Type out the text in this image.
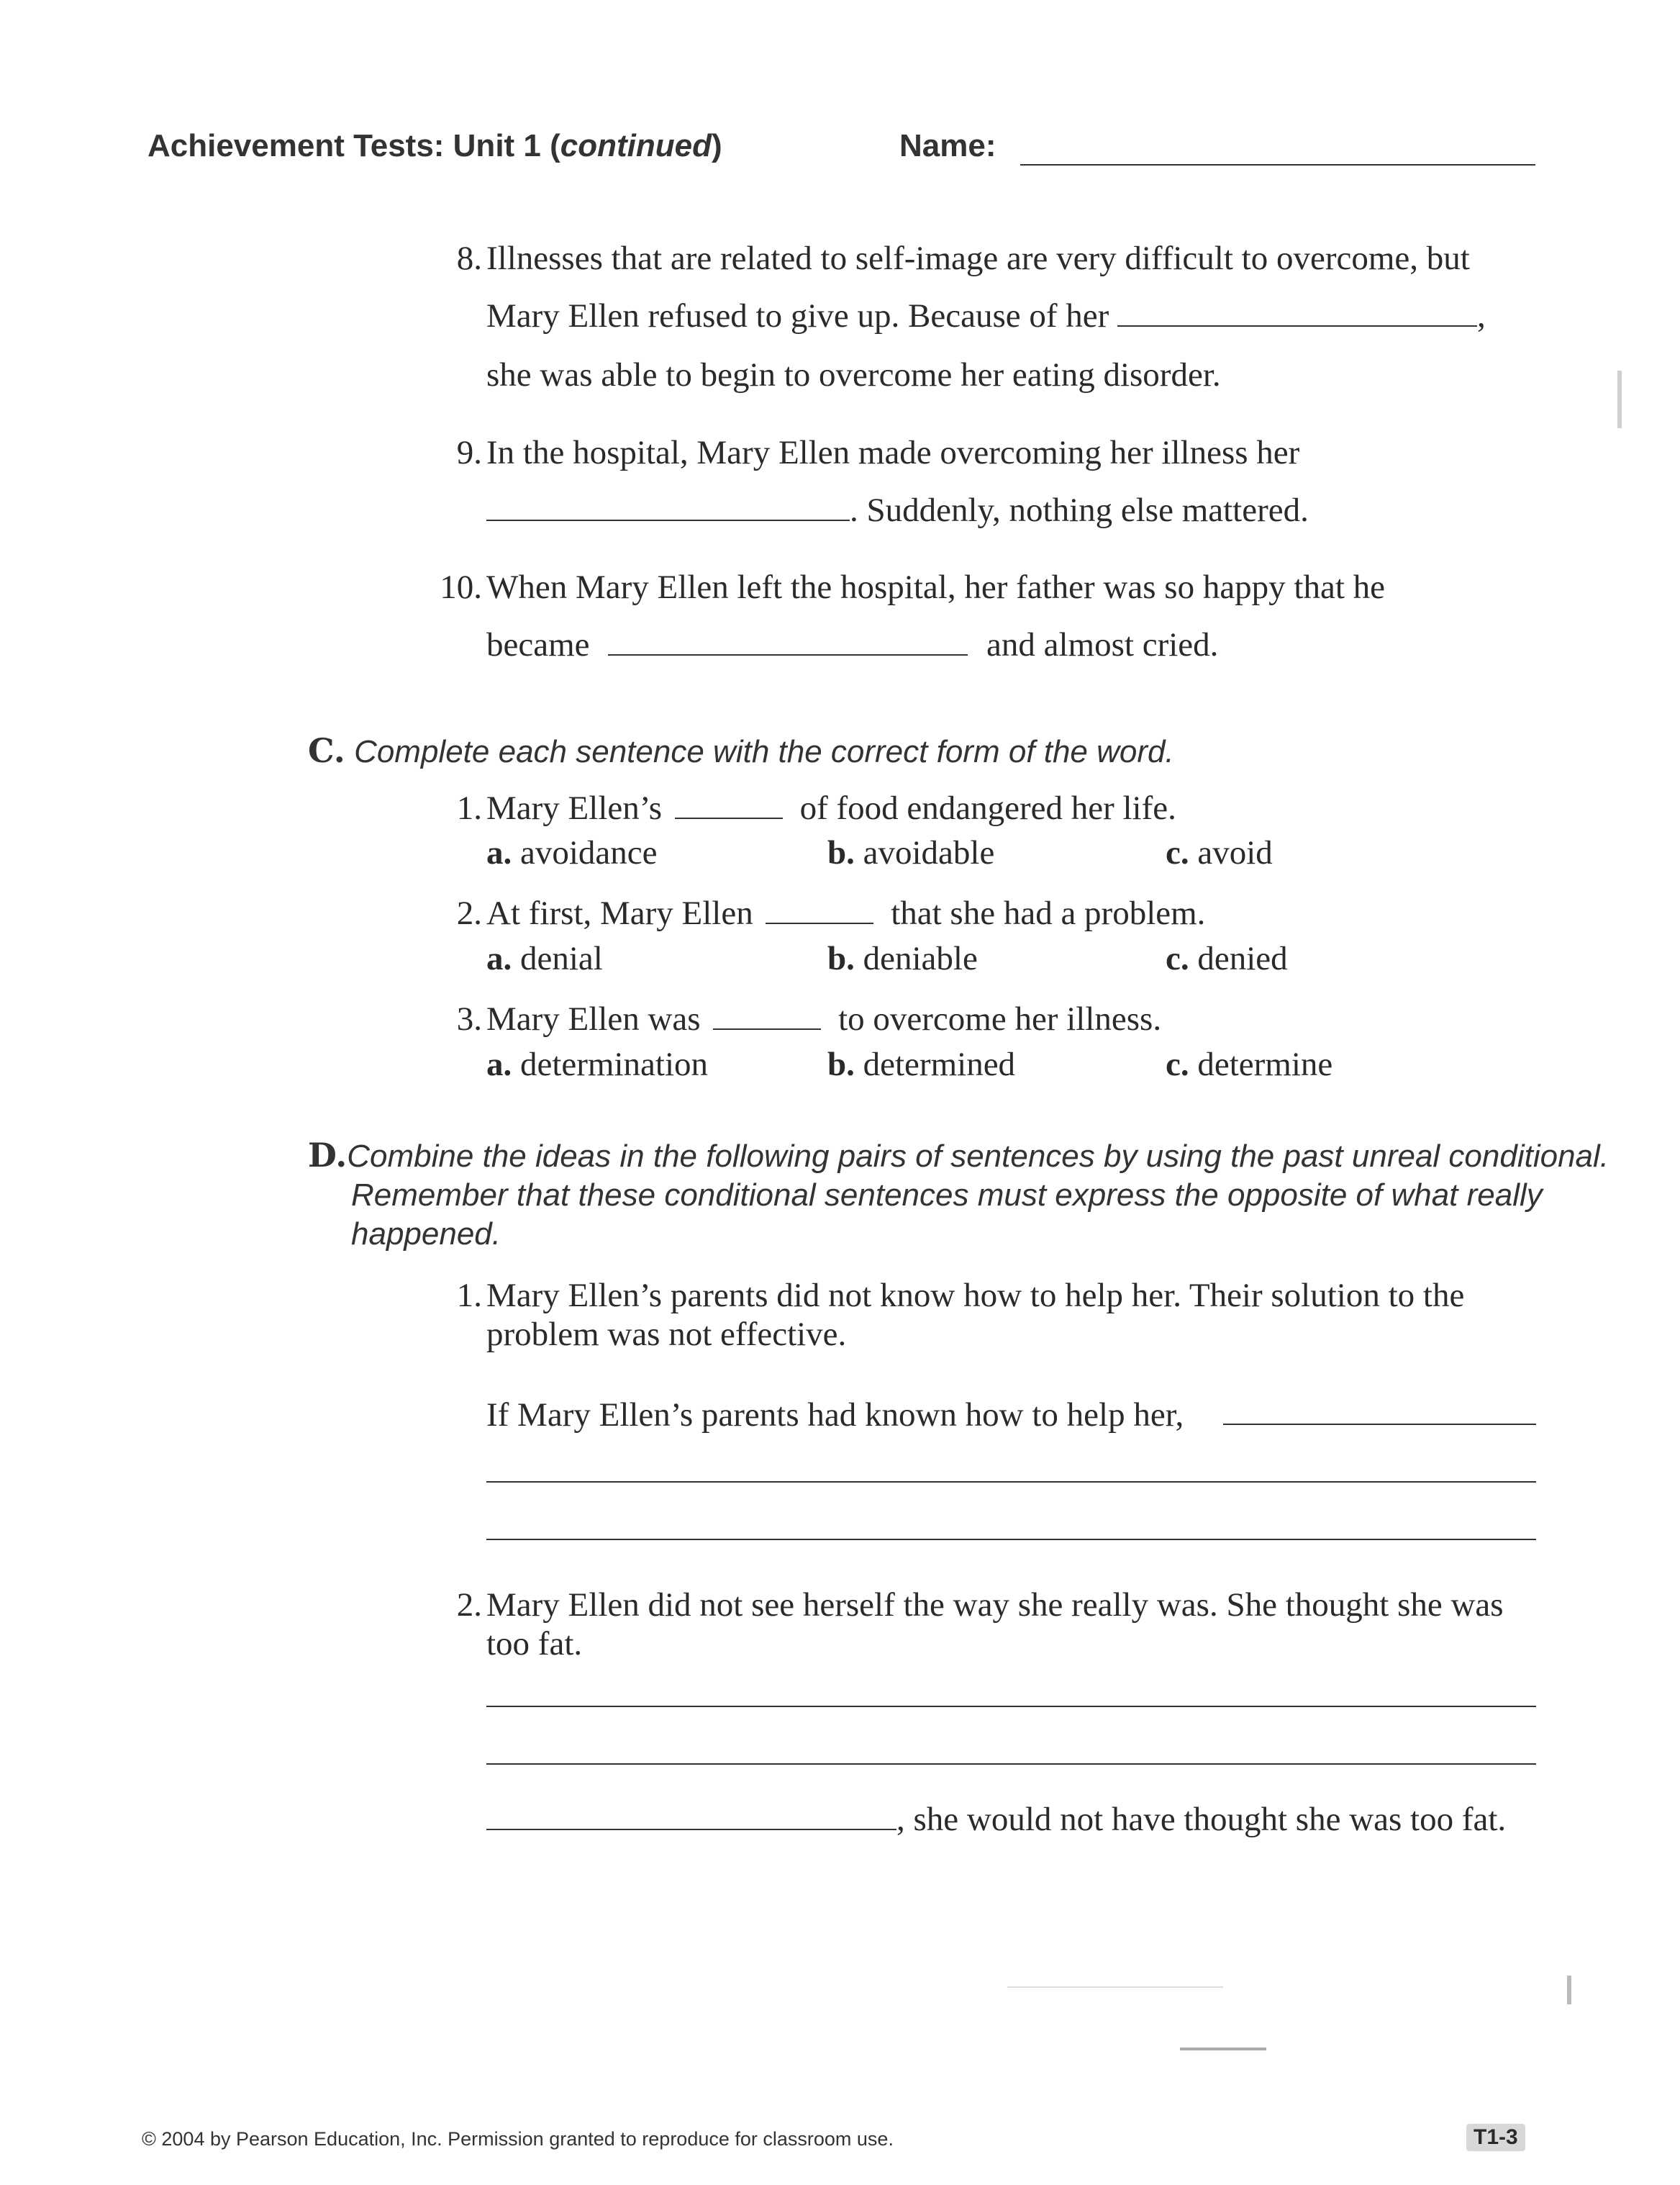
Achievement Tests: Unit 1 (continued)	Name:
8. Illnesses that are related to self-image are very difficult to overcome, but
Mary Ellen refused to give up. Because of her	,
she was able to begin to overcome her eating disorder.
9. In the hospital, Mary Ellen made overcoming her illness her
. Suddenly, nothing else mattered.
10. When Mary Ellen left the hospital, her father was so happy that he
became	and almost cried.
C. Complete each sentence with the correct form of the word.
1. Mary Ellen’s	of food endangered her life.
a. avoidance	b. avoidable	c. avoid
2. At first, Mary Ellen	that she had a problem.
a. denial	b. deniable	c. denied
3. Mary Ellen was	to overcome her illness.
a. determination	b. determined	c. determine
D.Combine the ideas in the following pairs of sentences by using the past unreal conditional.
Remember that these conditional sentences must express the opposite of what really
happened.
1. Mary Ellen’s parents did not know how to help her. Their solution to the
problem was not effective.
If Mary Ellen’s parents had known how to help her,
2. Mary Ellen did not see herself the way she really was. She thought she was
too fat.
, she would not have thought she was too fat.
© 2004 by Pearson Education, Inc. Permission granted to reproduce for classroom use.	T1-3
